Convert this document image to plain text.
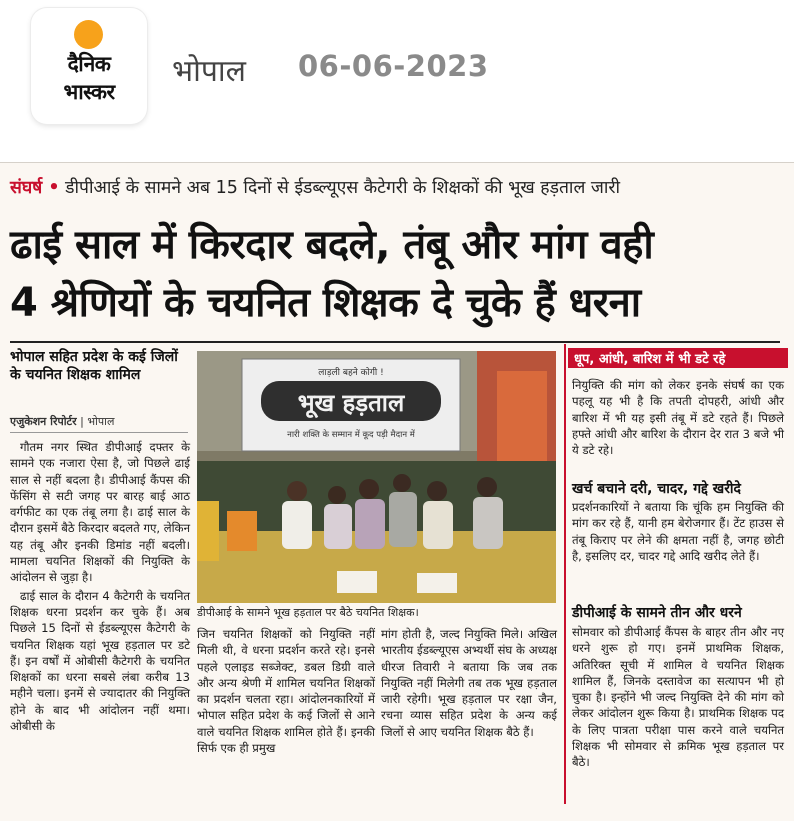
दैनिक
भास्कर
भोपाल 06-06-2023
संघर्ष • डीपीआई के सामने अब 15 दिनों से ईडब्ल्यूएस कैटेगरी के शिक्षकों की भूख हड़ताल जारी
ढाई साल में किरदार बदले, तंबू और मांग वही
4 श्रेणियों के चयनित शिक्षक दे चुके हैं धरना
भोपाल सहित प्रदेश के कई जिलों के चयनित शिक्षक शामिल
एजुकेशन रिपोर्टर | भोपाल

गौतम नगर स्थित डीपीआई दफ्तर के सामने एक नजारा ऐसा है, जो पिछले ढाई साल से नहीं बदला है। डीपीआई कैंपस की फेंसिंग से सटी जगह पर बारह बाई आठ वर्गफीट का एक तंबू लगा है। ढाई साल के दौरान इसमें बैठे किरदार बदलते गए, लेकिन यह तंबू और इनकी डिमांड नहीं बदली। मामला चयनित शिक्षकों की नियुक्ति के आंदोलन से जुड़ा है।

ढाई साल के दौरान 4 कैटेगरी के चयनित शिक्षक धरना प्रदर्शन कर चुके हैं। अब पिछले 15 दिनों से ईडब्ल्यूएस कैटेगरी के चयनित शिक्षक यहां भूख हड़ताल पर डटे हैं। इन वर्षों में ओबीसी कैटेगरी के चयनित शिक्षकों का धरना सबसे लंबा करीब 13 महीने चला। इनमें से ज्यादातर की नियुक्ति होने के बाद भी आंदोलन नहीं थमा। ओबीसी के

लाड़ली बहने कोगी !
भूख हड़ताल
नारी शक्ति के सम्मान में कूद पड़ी मैदान में
डीपीआई के सामने भूख हड़ताल पर बैठे चयनित शिक्षक।

जिन चयनित शिक्षकों को नियुक्ति नहीं मिली थी, वे धरना प्रदर्शन करते रहे। इनसे पहले एलाइड सब्जेक्ट, डबल डिग्री वाले और अन्य श्रेणी में शामिल चयनित शिक्षकों का प्रदर्शन चलता रहा। आंदोलनकारियों में भोपाल सहित प्रदेश के कई जिलों से आने वाले चयनित शिक्षक शामिल होते हैं। इनकी सिर्फ एक ही प्रमुख

मांग होती है, जल्द नियुक्ति मिले। अखिल भारतीय ईडब्ल्यूएस अभ्यर्थी संघ के अध्यक्ष धीरज तिवारी ने बताया कि जब तक नियुक्ति नहीं मिलेगी तब तक भूख हड़ताल जारी रहेगी। भूख हड़ताल पर रक्षा जैन, रचना व्यास सहित प्रदेश के अन्य कई जिलों से आए चयनित शिक्षक बैठे हैं।

धूप, आंधी, बारिश में भी डटे रहे
नियुक्ति की मांग को लेकर इनके संघर्ष का एक पहलू यह भी है कि तपती दोपहरी, आंधी और बारिश में भी यह इसी तंबू में डटे रहते हैं। पिछले हफ्ते आंधी और बारिश के दौरान देर रात 3 बजे भी ये डटे रहे।
खर्च बचाने दरी, चादर, गद्दे खरीदे
प्रदर्शनकारियों ने बताया कि चूंकि हम नियुक्ति की मांग कर रहे हैं, यानी हम बेरोजगार हैं। टेंट हाउस से तंबू किराए पर लेने की क्षमता नहीं है, जगह छोटी है, इसलिए दर, चादर गद्दे आदि खरीद लेते हैं।
डीपीआई के सामने तीन और धरने
सोमवार को डीपीआई कैंपस के बाहर तीन और नए धरने शुरू हो गए। इनमें प्राथमिक शिक्षक, अतिरिक्त सूची में शामिल वे चयनित शिक्षक शामिल हैं, जिनके दस्तावेज का सत्यापन भी हो चुका है। इन्होंने भी जल्द नियुक्ति देने की मांग को लेकर आंदोलन शुरू किया है। प्राथमिक शिक्षक पद के लिए पात्रता परीक्षा पास करने वाले चयनित शिक्षक भी सोमवार से क्रमिक भूख हड़ताल पर बैठे।
